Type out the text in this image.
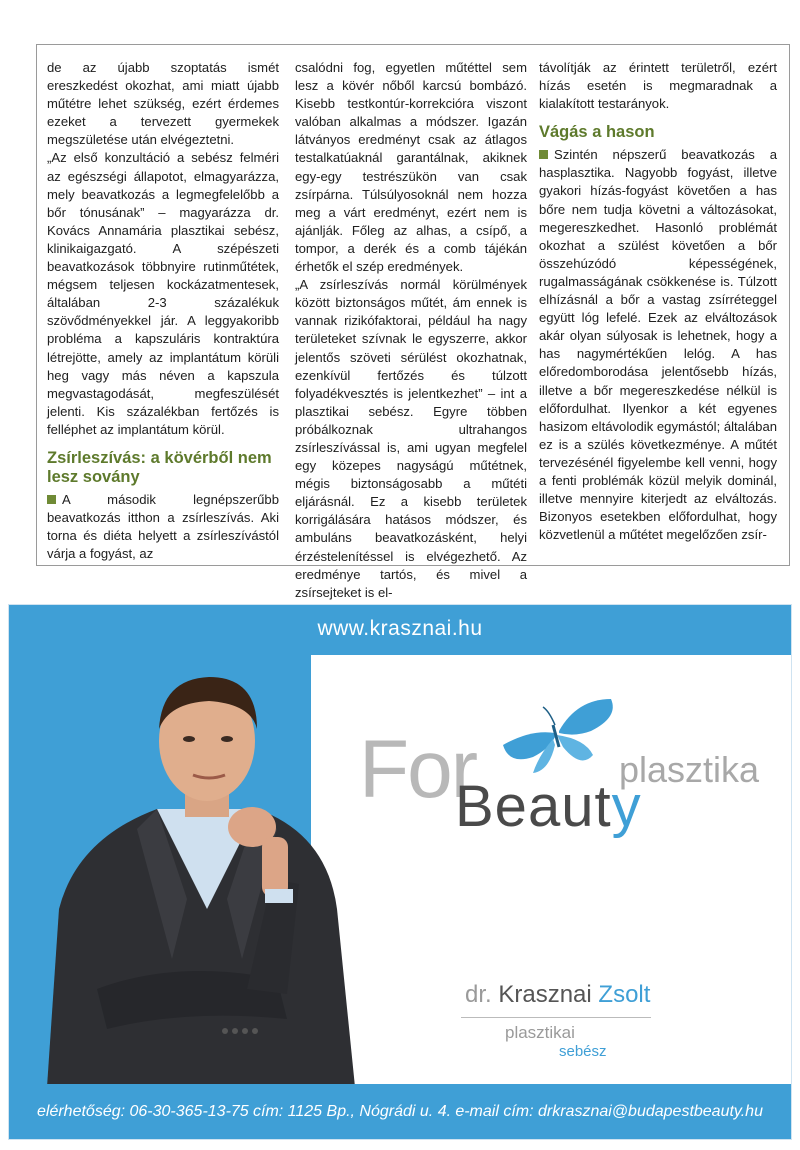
de az újabb szoptatás ismét ereszkedést okozhat, ami miatt újabb műtétre lehet szükség, ezért érdemes ezeket a tervezett gyermekek megszületése után elvégeztetni.

„Az első konzultáció a sebész felméri az egészségi állapotot, elmagyarázza, mely beavatkozás a legmegfelelőbb a bőr tónusának” – magyarázza dr. Kovács Annamária plasztikai sebész, klinikaigazgató. A szépészeti beavatkozások többnyire rutinműtétek, mégsem teljesen kockázatmentesek, általában 2-3 százalékuk szövődményekkel jár. A leggyakoribb probléma a kapszuláris kontraktúra létrejötte, amely az implantátum körüli heg vagy más néven a kapszula megvastagodását, megfeszülését jelenti. Kis százalékban fertőzés is felléphet az implantátum körül.

Zsírleszívás: a kövérből nem lesz sovány

A második legnépszerűbb beavatkozás itthon a zsírleszívás. Aki torna és diéta helyett a zsírleszívástól várja a fogyást, az

csalódni fog, egyetlen műtéttel sem lesz a kövér nőből karcsú bombázó. Kisebb testkontúr-korrekcióra viszont valóban alkalmas a módszer. Igazán látványos eredményt csak az átlagos testalkatúaknál garantálnak, akiknek egy-egy testrészükön van csak zsírpárna. Túlsúlyosoknál nem hozza meg a várt eredményt, ezért nem is ajánlják. Főleg az alhas, a csípő, a tompor, a derék és a comb tájékán érhetők el szép eredmények.

„A zsírleszívás normál körülmények között biztonságos műtét, ám ennek is vannak rizikófaktorai, például ha nagy területeket szívnak le egyszerre, akkor jelentős szöveti sérülést okozhatnak, ezenkívül fertőzés és túlzott folyadékvesztés is jelentkezhet” – int a plasztikai sebész. Egyre többen próbálkoznak ultrahangos zsírleszívással is, ami ugyan megfelel egy közepes nagyságú műtétnek, mégis biztonságosabb a műtéti eljárásnál. Ez a kisebb területek korrigálására hatásos módszer, és ambuláns beavatkozásként, helyi érzéstelenítéssel is elvégezhető. Az eredménye tartós, és mivel a zsírsejteket is el-

távolítják az érintett területről, ezért hízás esetén is megmaradnak a kialakított testarányok.

Vágás a hason

Szintén népszerű beavatkozás a hasplasztika. Nagyobb fogyást, illetve gyakori hízás-fogyást követően a has bőre nem tudja követni a változásokat, megereszkedhet. Hasonló problémát okozhat a szülést követően a bőr összehúzódó képességének, rugalmasságának csökkenése is. Túlzott elhízásnál a bőr a vastag zsírréteggel együtt lóg lefelé. Ezek az elváltozások akár olyan súlyosak is lehetnek, hogy a has nagymértékűen lelóg. A has előredomborodása jelentősebb hízás, illetve a bőr megereszkedése nélkül is előfordulhat. Ilyenkor a két egyenes hasizom eltávolodik egymástól; általában ez is a szülés következménye. A műtét tervezésénél figyelembe kell venni, hogy a fenti problémák közül melyik dominál, illetve mennyire kiterjedt az elváltozás. Bizonyos esetekben előfordulhat, hogy közvetlenül a műtétet megelőzően zsír-

www.krasznai.hu
For	plasztika
Beauty
dr. Krasznai Zsolt
plasztikai
sebész
elérhetőség: 06-30-365-13-75 cím: 1125 Bp., Nógrádi u. 4. e-mail cím: drkrasznai@budapestbeauty.hu
